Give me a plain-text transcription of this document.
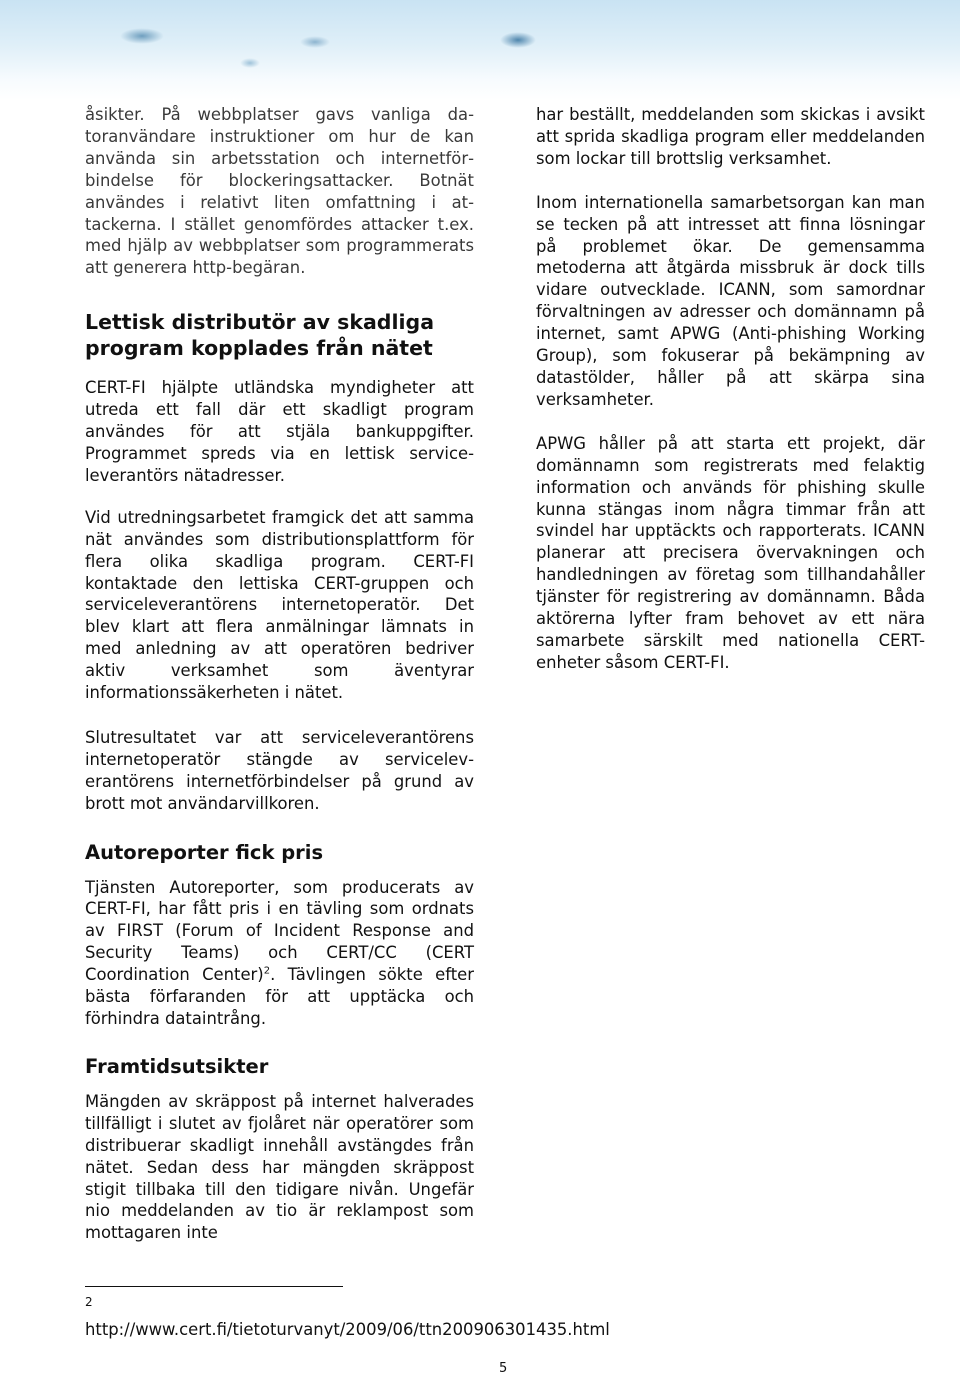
åsikter. På webbplatser gavs vanliga datoranvändare instruktioner om hur de kan använda sin arbetsstation och internetförbindelse för blockeringsattacker. Botnät användes i relativt liten omfattning i attackerna. I stället genomfördes attacker t.ex. med hjälp av webbplatser som programmerats att generera http-begäran.

Lettisk distributör av skadliga program kopplades från nätet

CERT-FI hjälpte utländska myndigheter att utreda ett fall där ett skadligt program användes för att stjäla bankuppgifter. Programmet spreds via en lettisk serviceleverantörs nätadresser.

Vid utredningsarbetet framgick det att samma nät användes som distributionsplattform för flera olika skadliga program. CERT-FI kontaktade den lettiska CERT-gruppen och serviceleverantörens internetoperatör. Det blev klart att flera anmälningar lämnats in med anledning av att operatören bedriver aktiv verksamhet som äventyrar informationssäkerheten i nätet.

Slutresultatet var att serviceleverantörens internetoperatör stängde av serviceleverantörens internetförbindelser på grund av brott mot användarvillkoren.

Autoreporter fick pris

Tjänsten Autoreporter, som producerats av CERT-FI, har fått pris i en tävling som ordnats av FIRST (Forum of Incident Response and Security Teams) och CERT/CC (CERT Coordination Center)$^2$. Tävlingen sökte efter bästa förfaranden för att upptäcka och förhindra dataintrång.

Framtidsutsikter

Mängden av skräppost på internet halverades tillfälligt i slutet av fjolåret när operatörer som distribuerar skadligt innehåll avstängdes från nätet. Sedan dess har mängden skräppost stigit tillbaka till den tidigare nivån. Ungefär nio meddelanden av tio är reklampost som mottagaren inte

har beställt, meddelanden som skickas i avsikt att sprida skadliga program eller meddelanden som lockar till brottslig verksamhet.

Inom internationella samarbetsorgan kan man se tecken på att intresset att finna lösningar på problemet ökar. De gemensamma metoderna att åtgärda missbruk är dock tills vidare outvecklade. ICANN, som samordnar förvaltningen av adresser och domännamn på internet, samt APWG (Anti-phishing Working Group), som fokuserar på bekämpning av datastölder, håller på att skärpa sina verksamheter.

APWG håller på att starta ett projekt, där domännamn som registrerats med felaktig information och används för phishing skulle kunna stängas inom några timmar från att svindel har upptäckts och rapporterats. ICANN planerar att precisera övervakningen och handledningen av företag som tillhandahåller tjänster för registrering av domännamn. Båda aktörerna lyfter fram behovet av ett nära samarbete särskilt med nationella CERT-enheter såsom CERT-FI.

2
http://www.cert.fi/tietoturvanyt/2009/06/ttn200906301435.html
5
